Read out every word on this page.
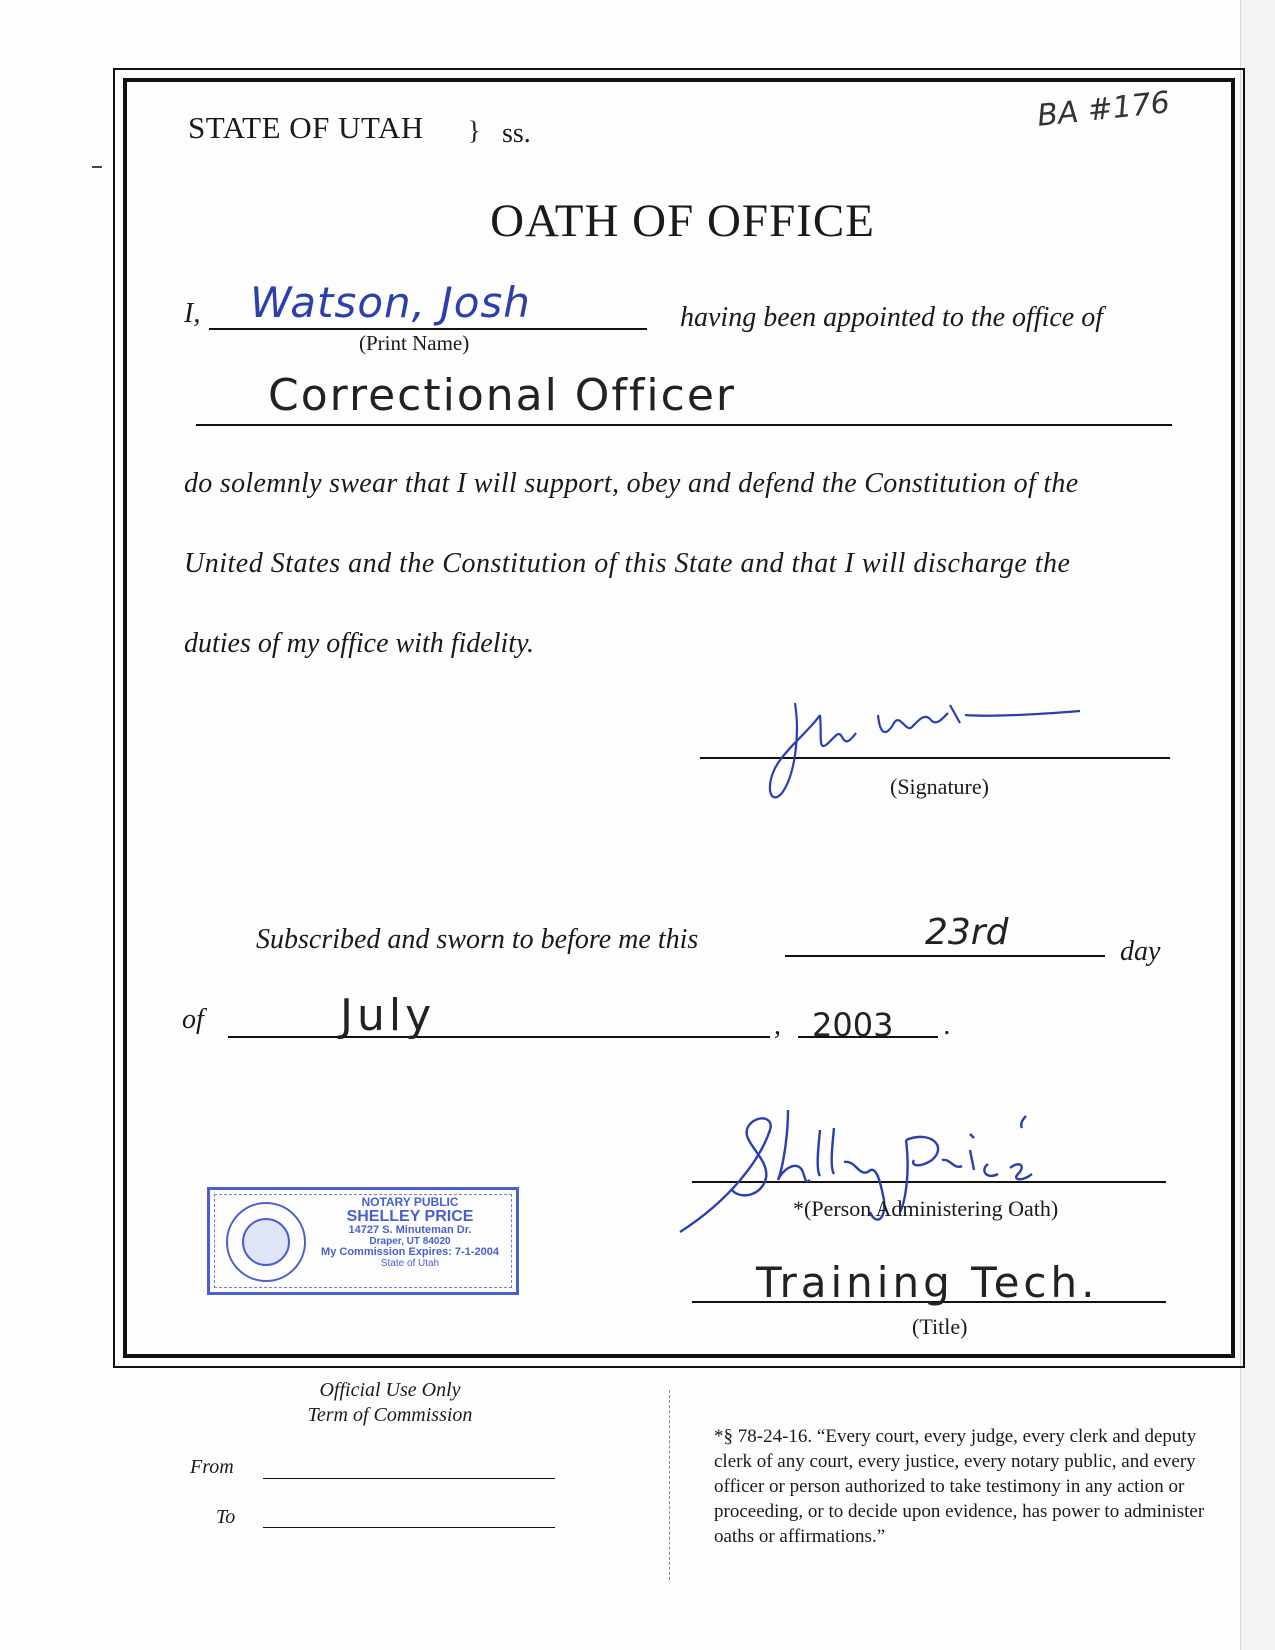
STATE OF UTAH } ss.	BA #176
OATH OF OFFICE
I, Watson, Josh
(Print Name)
having been appointed to the office of
Correctional Officer
do solemnly swear that I will support, obey and defend the Constitution of the
United States and the Constitution of this State and that I will discharge the
duties of my office with fidelity.
(Signature)
Subscribed and sworn to before me this	23rd	day
of	July	, 2003 .
*(Person Administering Oath)
Training Tech.
(Title)
NOTARY PUBLIC
SHELLEY PRICE
14727 S. Minuteman Dr.
Draper, UT 84020
My Commission Expires: 7-1-2004
State of Utah
Official Use Only
Term of Commission
From
To
*§ 78-24-16. “Every court, every judge, every clerk and deputy clerk of any court, every justice, every notary public, and every officer or person authorized to take testimony in any action or proceeding, or to decide upon evidence, has power to administer oaths or affirmations.”
